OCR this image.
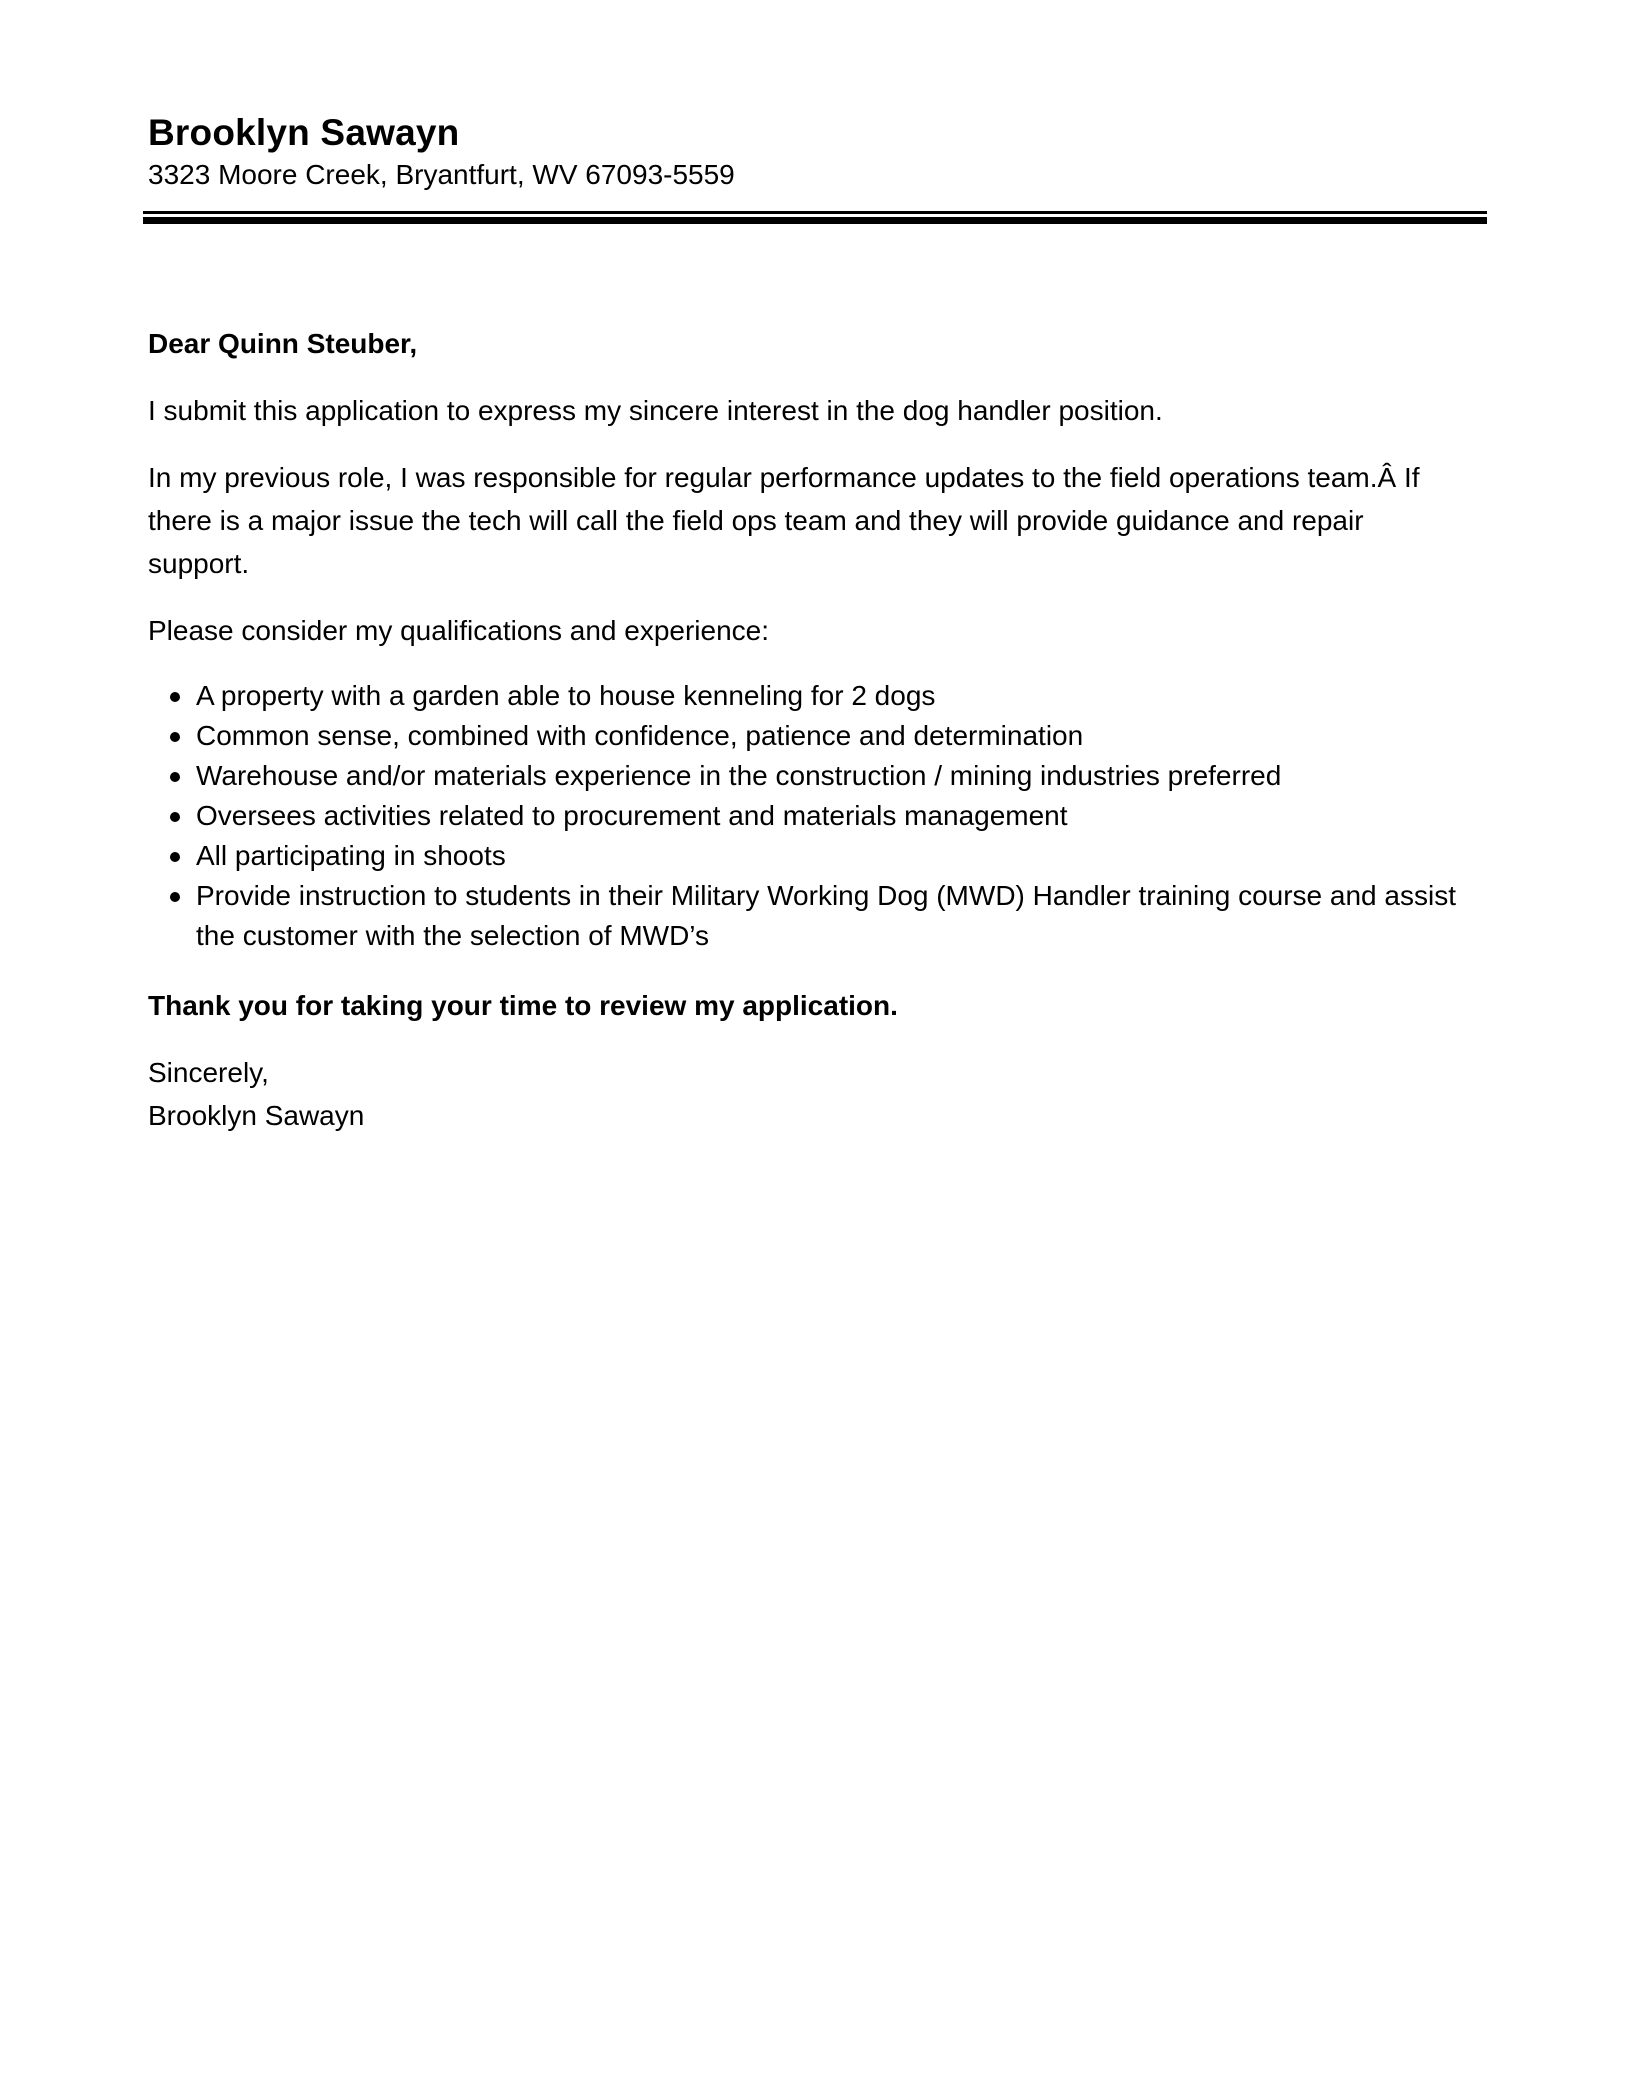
Brooklyn Sawayn

3323 Moore Creek, Bryantfurt, WV 67093-5559

Dear Quinn Steuber,

I submit this application to express my sincere interest in the dog handler position.

In my previous role, I was responsible for regular performance updates to the field operations team.Â If there is a major issue the tech will call the field ops team and they will provide guidance and repair support.

Please consider my qualifications and experience:

A property with a garden able to house kenneling for 2 dogs
Common sense, combined with confidence, patience and determination
Warehouse and/or materials experience in the construction / mining industries preferred
Oversees activities related to procurement and materials management
All participating in shoots
Provide instruction to students in their Military Working Dog (MWD) Handler training course and assist the customer with the selection of MWD’s

Thank you for taking your time to review my application.

Sincerely,
Brooklyn Sawayn
